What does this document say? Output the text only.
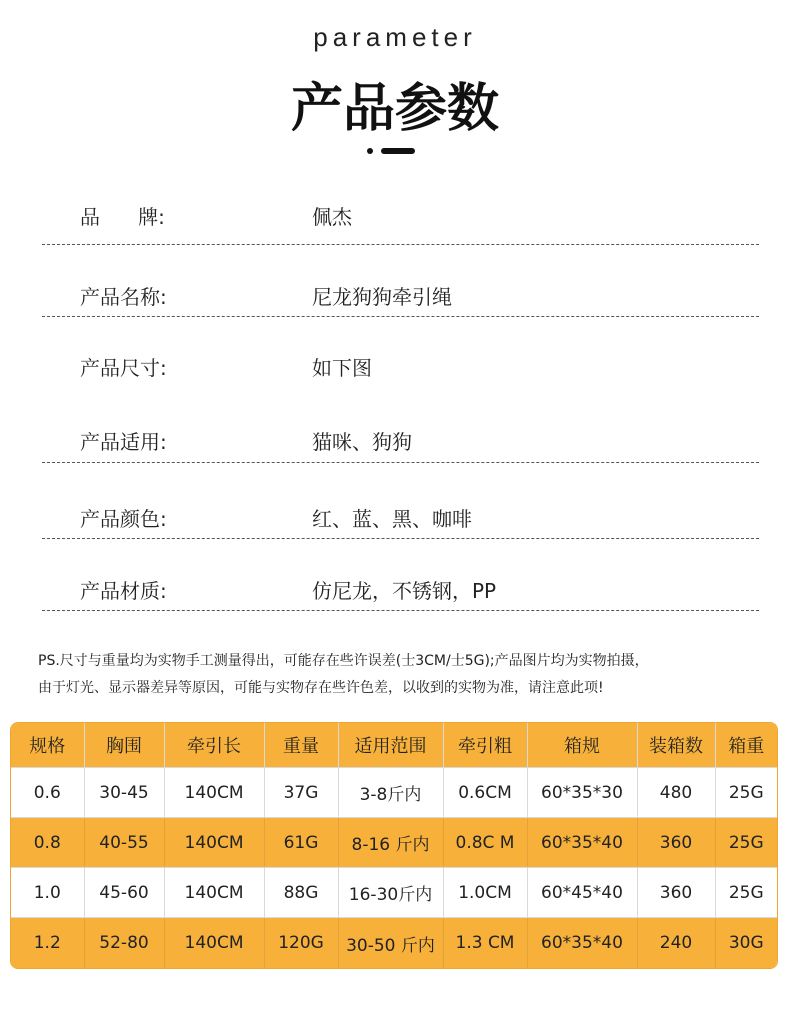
parameter
产品参数
品      牌:	佩杰
产品名称:	尼龙狗狗牵引绳
产品尺寸:	如下图
产品适用:	猫咪、狗狗
产品颜色:	红、蓝、黑、咖啡
产品材质:	仿尼龙，不锈钢，PP
PS.尺寸与重量均为实物手工测量得出，可能存在些许误差(士3CM/士5G);产品图片均为实物拍摄，
由于灯光、显示器差异等原因，可能与实物存在些许色差，以收到的实物为准，请注意此项!
规格	胸围	牵引长	重量	适用范围	牵引粗	箱规	装箱数	箱重
0.6	30-45	140CM	37G	3-8斤内	0.6CM	60*35*30	480	25G
0.8	40-55	140CM	61G	8-16 斤内	0.8C M	60*35*40	360	25G
1.0	45-60	140CM	88G	16-30斤内	1.0CM	60*45*40	360	25G
1.2	52-80	140CM	120G	30-50 斤内	1.3 CM	60*35*40	240	30G
